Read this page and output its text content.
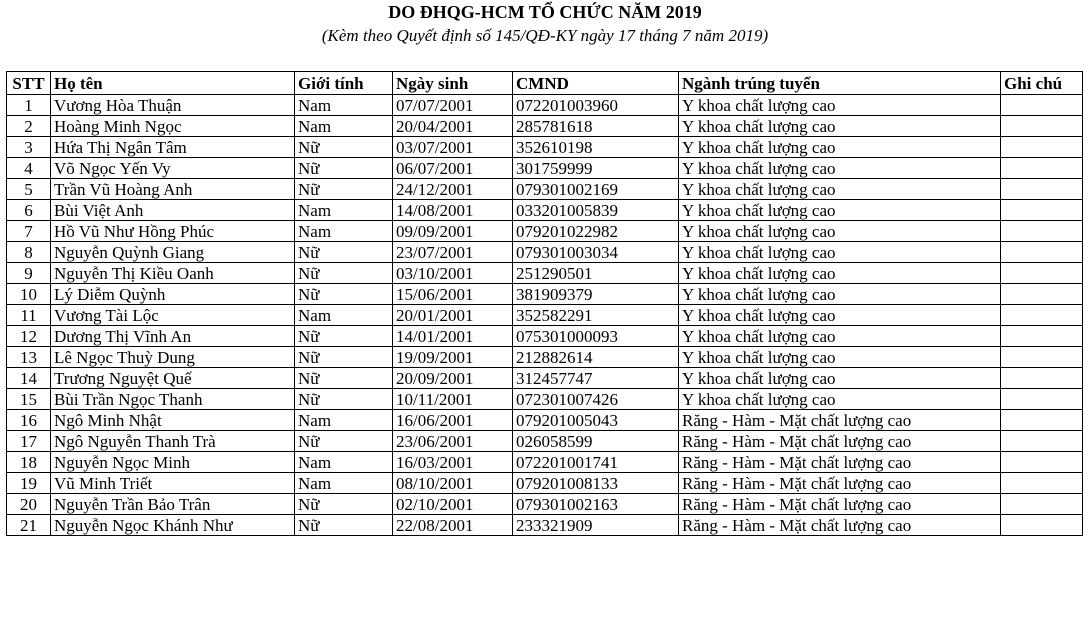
DO ĐHQG-HCM TỔ CHỨC NĂM 2019
(Kèm theo Quyết định số 145/QĐ-KY ngày 17 tháng 7 năm 2019)
STT	Họ tên	Giới tính	Ngày sinh	CMND	Ngành trúng tuyển	Ghi chú
1	Vương Hòa Thuận	Nam	07/07/2001	072201003960	Y khoa chất lượng cao	
2	Hoàng Minh Ngọc	Nam	20/04/2001	285781618	Y khoa chất lượng cao	
3	Hứa Thị Ngân Tâm	Nữ	03/07/2001	352610198	Y khoa chất lượng cao	
4	Võ Ngọc Yến Vy	Nữ	06/07/2001	301759999	Y khoa chất lượng cao	
5	Trần Vũ Hoàng Anh	Nữ	24/12/2001	079301002169	Y khoa chất lượng cao	
6	Bùi Việt Anh	Nam	14/08/2001	033201005839	Y khoa chất lượng cao	
7	Hồ Vũ Như Hồng Phúc	Nam	09/09/2001	079201022982	Y khoa chất lượng cao	
8	Nguyễn Quỳnh Giang	Nữ	23/07/2001	079301003034	Y khoa chất lượng cao	
9	Nguyễn Thị Kiều Oanh	Nữ	03/10/2001	251290501	Y khoa chất lượng cao	
10	Lý Diễm Quỳnh	Nữ	15/06/2001	381909379	Y khoa chất lượng cao	
11	Vương Tài Lộc	Nam	20/01/2001	352582291	Y khoa chất lượng cao	
12	Dương Thị Vĩnh An	Nữ	14/01/2001	075301000093	Y khoa chất lượng cao	
13	Lê Ngọc Thuỳ Dung	Nữ	19/09/2001	212882614	Y khoa chất lượng cao	
14	Trương Nguyệt Quế	Nữ	20/09/2001	312457747	Y khoa chất lượng cao	
15	Bùi Trần Ngọc Thanh	Nữ	10/11/2001	072301007426	Y khoa chất lượng cao	
16	Ngô Minh Nhật	Nam	16/06/2001	079201005043	Răng - Hàm - Mặt chất lượng cao	
17	Ngô Nguyễn Thanh Trà	Nữ	23/06/2001	026058599	Răng - Hàm - Mặt chất lượng cao	
18	Nguyễn Ngọc Minh	Nam	16/03/2001	072201001741	Răng - Hàm - Mặt chất lượng cao	
19	Vũ Minh Triết	Nam	08/10/2001	079201008133	Răng - Hàm - Mặt chất lượng cao	
20	Nguyễn Trần Bảo Trân	Nữ	02/10/2001	079301002163	Răng - Hàm - Mặt chất lượng cao	
21	Nguyễn Ngọc Khánh Như	Nữ	22/08/2001	233321909	Răng - Hàm - Mặt chất lượng cao	
